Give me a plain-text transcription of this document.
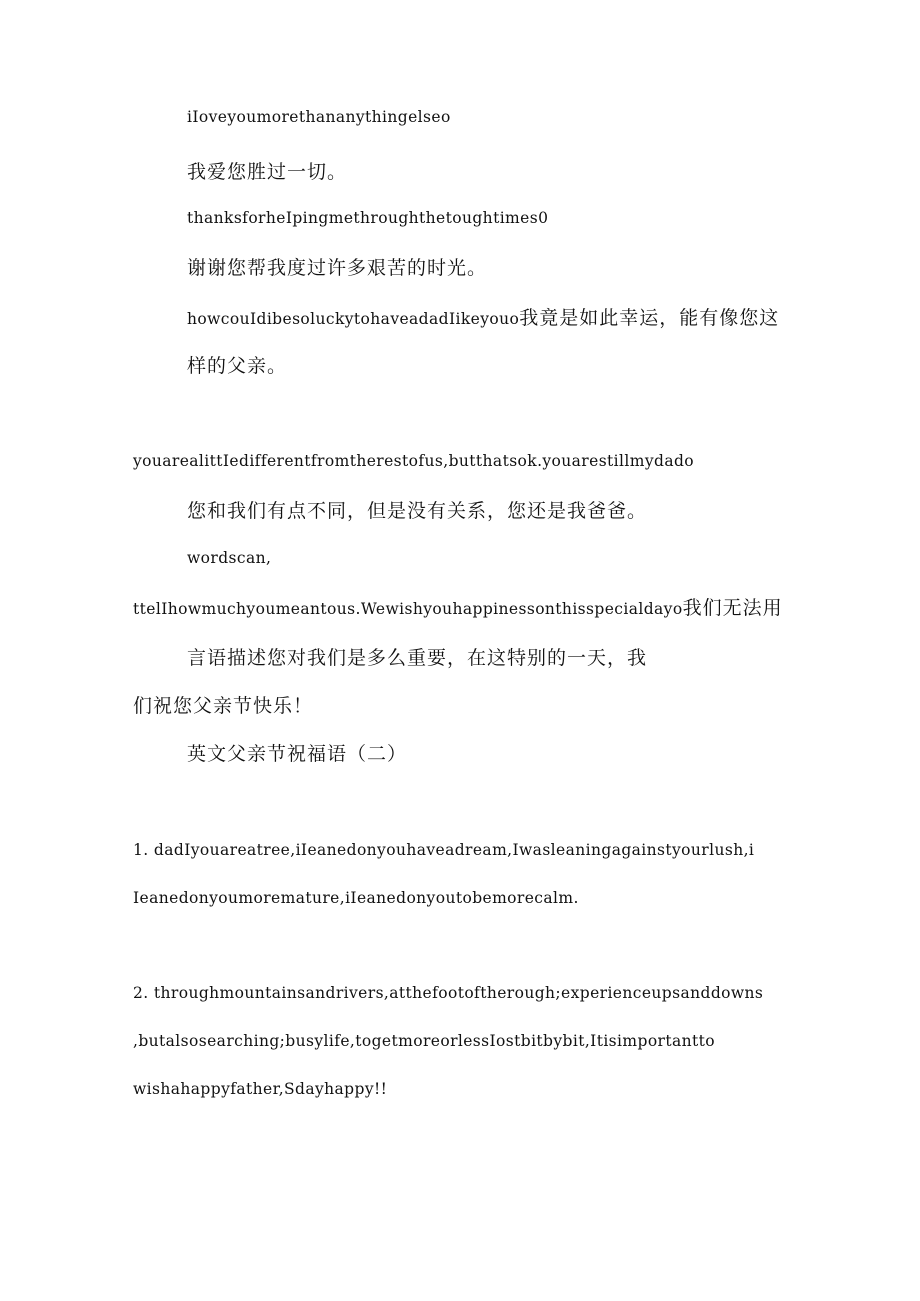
iIoveyoumorethananythingelseo
我爱您胜过一切。
thanksforheIpingmethroughthetoughtimes0
谢谢您帮我度过许多艰苦的时光。
howcouIdibesoluckytohaveadadIikeyouo我竟是如此幸运，能有像您这
样的父亲。
youarealittIedifferentfromtherestofus,butthatsok.youarestillmydado
您和我们有点不同，但是没有关系，您还是我爸爸。
wordscan,
ttelIhowmuchyoumeantous.Wewishyouhappinessonthisspecialdayo我们无法用
言语描述您对我们是多么重要，在这特别的一天，我
们祝您父亲节快乐！
英文父亲节祝福语（二）
1. dadIyouareatree,iIeanedonyouhaveadream,Iwasleaningagainstyourlush,i
Ieanedonyoumoremature,iIeanedonyoutobemorecalm.
2. throughmountainsandrivers,atthefootoftherough;experienceupsanddowns
,butalsosearching;busylife,togetmoreorlessIostbitbybit,Itisimportantto
wishahappyfather,Sdayhappy!!
